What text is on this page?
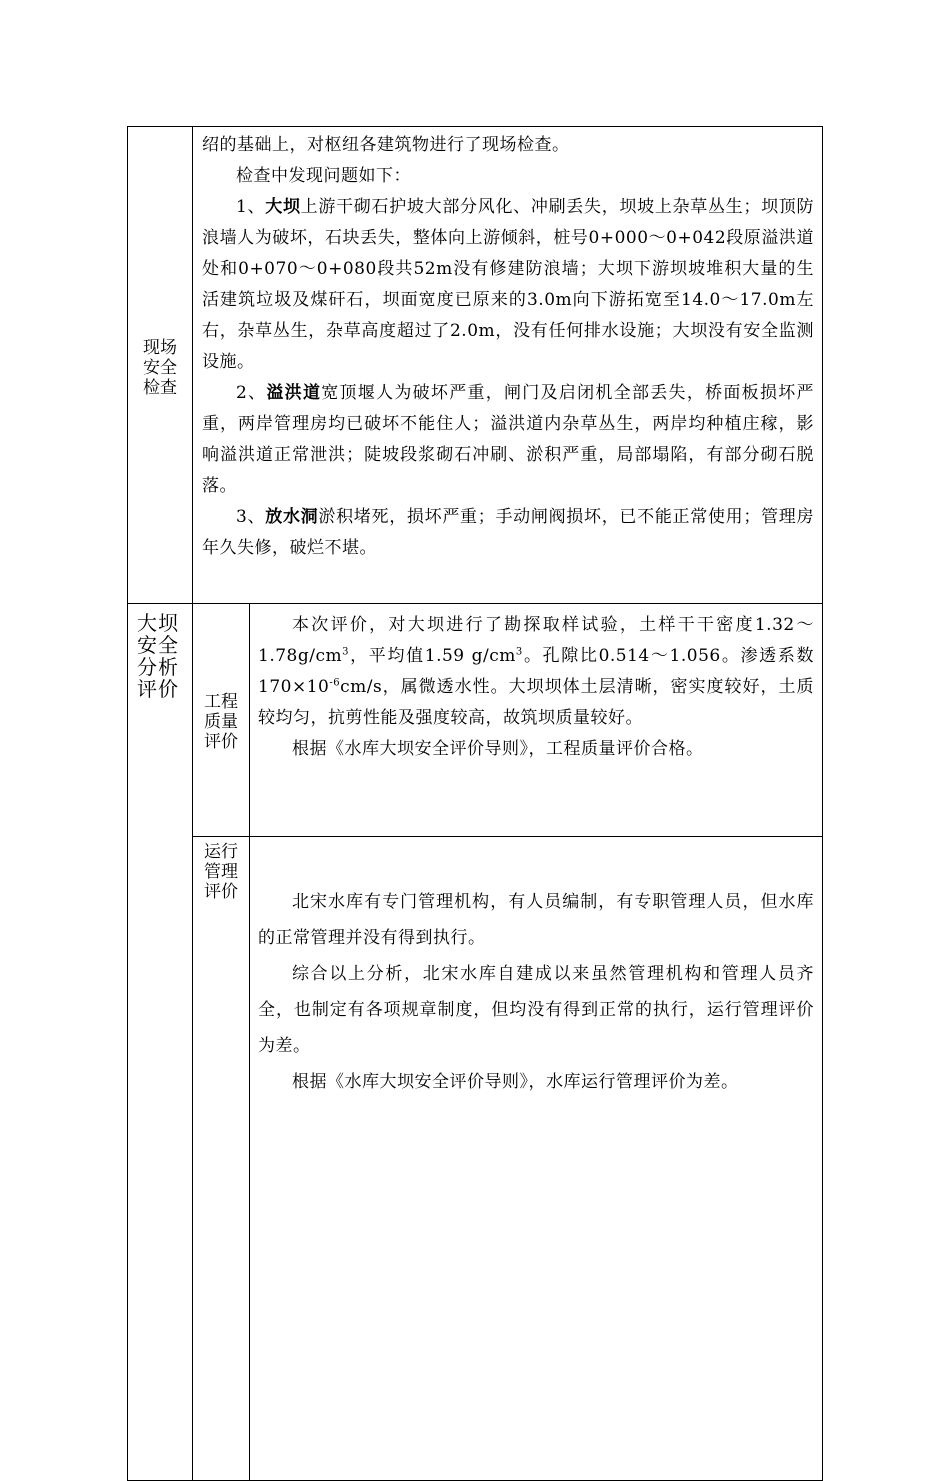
现场
安全
检查

绍的基础上，对枢纽各建筑物进行了现场检查。

检查中发现问题如下：

1、大坝上游干砌石护坡大部分风化、冲刷丢失，坝坡上杂草丛生；坝顶防浪墙人为破坏，石块丢失，整体向上游倾斜，桩号0+000～0+042段原溢洪道处和0+070～0+080段共52m没有修建防浪墙；大坝下游坝坡堆积大量的生活建筑垃圾及煤矸石，坝面宽度已原来的3.0m向下游拓宽至14.0～17.0m左右，杂草丛生，杂草高度超过了2.0m，没有任何排水设施；大坝没有安全监测设施。

2、溢洪道宽顶堰人为破坏严重，闸门及启闭机全部丢失，桥面板损坏严重，两岸管理房均已破坏不能住人；溢洪道内杂草丛生，两岸均种植庄稼，影响溢洪道正常泄洪；陡坡段浆砌石冲刷、淤积严重，局部塌陷，有部分砌石脱落。

3、放水洞淤积堵死，损坏严重；手动闸阀损坏，已不能正常使用；管理房年久失修，破烂不堪。

大坝
安全
分析
评价
工程
质量
评价

本次评价，对大坝进行了勘探取样试验，土样干干密度$1.32\sim 1.78g/cm^3$，平均值1.59 $g/cm^3$。孔隙比0.514～1.056。渗透系数$170\times 10^{-6}cm/s$，属微透水性。大坝坝体土层清晰，密实度较好，土质较均匀，抗剪性能及强度较高，故筑坝质量较好。

根据《水库大坝安全评价导则》，工程质量评价合格。

运行
管理
评价	北宋水库有专门管理机构，有人员编制，有专职管理人员，但水库的正常管理并没有得到执行。

综合以上分析，北宋水库自建成以来虽然管理机构和管理人员齐全，也制定有各项规章制度，但均没有得到正常的执行，运行管理评价为差。

根据《水库大坝安全评价导则》，水库运行管理评价为差。
